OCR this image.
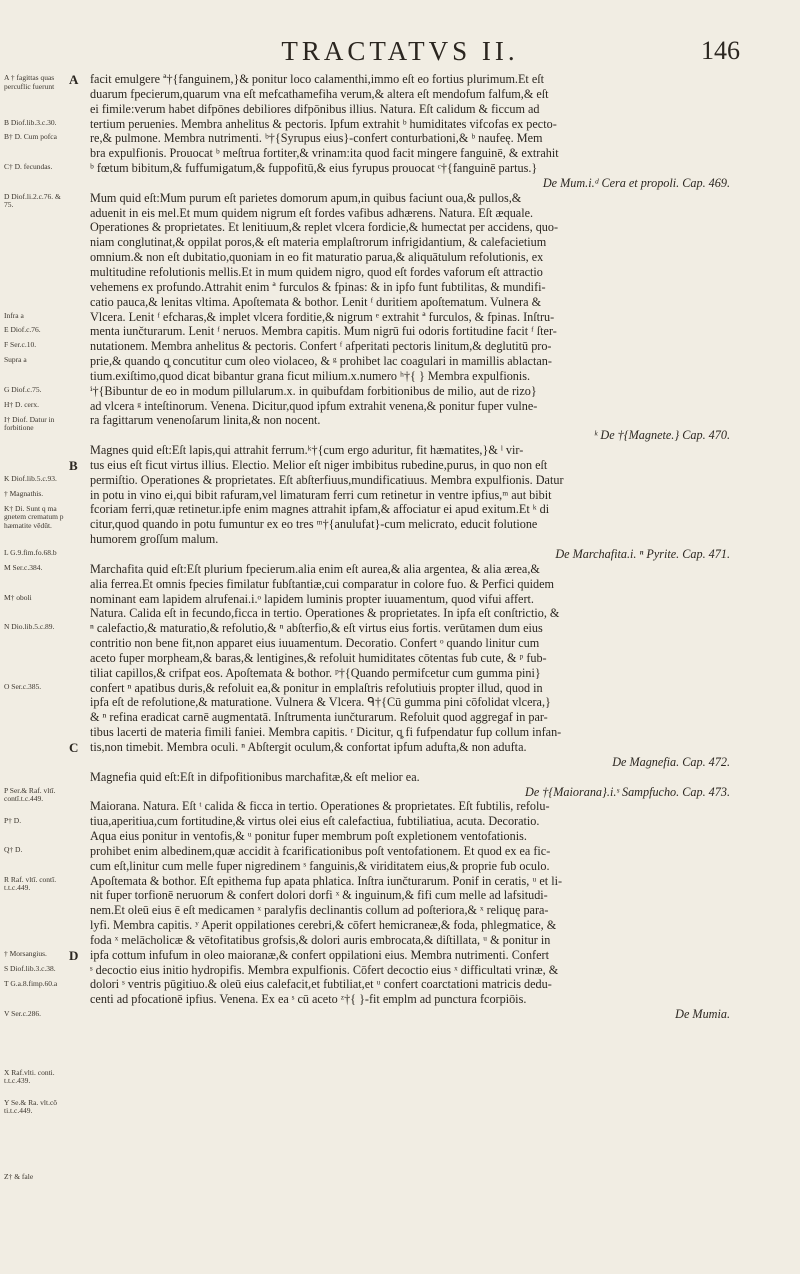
TRACTATVS II.	146
A † fagittas quas percuflic fuerunt
B Diof.lib.3.c.30.
B† D. Cum pofca
C† D. fecundas.
D Diof.li.2.c.76. & 75.
Infra a
E Diof.c.76.
F Ser.c.10.
Supra a
G Diof.c.75.
H† D. cerx.
I† Diof. Datur in forbitione
K Diof.lib.5.c.93.
† Magnathis.
K† Di. Sunt q ma gnetem crematum p hæmatite vēdūt.
L G.9.fim.fo.68.b
M Ser.c.384.
M† oboli
N Dio.lib.5.c.89.
O Ser.c.385.
P Ser.& Raf. vltī. contī.t.c.449.
P† D.
Q† D.
R Raf. vltī. contī. t.t.c.449.
† Morsangius.
S Diof.lib.3.c.38.
T G.a.8.fimp.60.a
V Ser.c.286.
X Raf.vlti. conti. t.t.c.439.
Y Se.& Ra. vlt.cō ti.t.c.449.
Z† & fale
A
B
C
D
facit emulgere ª†{fanguinem,}& ponitur loco calamenthi,immo eſt eo fortius plurimum.Et eſt
duarum fpecierum,quarum vna eſt mefcathamefiha verum,& altera eſt mendofum falfum,& eſt
ei fimile:verum habet difpōnes debiliores difpōnibus illius. Natura. Eſt calidum & ficcum ad
tertium peruenies. Membra anhelitus & pectoris. Ipfum extrahit ᵇ humiditates vifcofas ex pecto-
re,& pulmone. Membra nutrimenti. ᵇ†{Syrupus eius}-confert conturbationi,& ᵇ naufeę. Mem
bra expulfionis. Prouocat ᵇ meſtrua fortiter,& vrinam:ita quod facit mingere fanguinē, & extrahit
ᵇ fœtum bibitum,& fuffumigatum,& fuppofitū,& eius fyrupus prouocat ᶜ†{fanguinē partus.}
De Mum.i.ᵈ Cera et propoli. Cap. 469.
Mum quid eſt:Mum purum eſt parietes domorum apum,in quibus faciunt oua,& pullos,&
aduenit in eis mel.Et mum quidem nigrum eſt fordes vafibus adhærens. Natura. Eſt æquale.
Operationes & proprietates. Et lenitiuum,& replet vlcera fordicie,& humectat per accidens, quo-
niam conglutinat,& oppilat poros,& eſt materia emplaſtrorum infrigidantium, & calefacietium
omnium.& non eſt dubitatio,quoniam in eo fit maturatio parua,& aliquātulum refolutionis, ex
multitudine refolutionis mellis.Et in mum quidem nigro, quod eſt fordes vaforum eſt attractio
vehemens ex profundo.Attrahit enim ª furculos & fpinas: & in ipfo funt fubtilitas, & mundifi-
catio pauca,& lenitas vltima. Apoſtemata & bothor. Lenit ᶠ duritiem apoſtematum. Vulnera &
Vlcera. Lenit ᶠ efcharas,& implet vlcera forditie,& nigrum ᵉ extrahit ª furculos, & fpinas. Inſtru-
menta iunčturarum. Lenit ᶠ neruos. Membra capitis. Mum nigrū fui odoris fortitudine facit ᶠ ſter-
nutationem. Membra anhelitus & pectoris. Confert ᶠ afperitati pectoris linitum,& deglutitū pro-
prie,& quando q̧ concutitur cum oleo violaceo, & ᵍ prohibet lac coagulari in mamillis ablactan-
tium.exiſtimo,quod dicat bibantur grana ficut milium.x.numero ʰ†{ } Membra expulfionis.
ⁱ†{Bibuntur de eo in modum pillularum.x. in quibufdam forbitionibus de milio, aut de rizo}
ad vlcera ᵍ inteſtinorum. Venena. Dicitur,quod ipfum extrahit venena,& ponitur fuper vulne-
ra fagittarum venenoſarum linita,& non nocent.
ᵏ De †{Magnete.} Cap. 470.
Magnes quid eſt:Eſt lapis,qui attrahit ferrum.ᵏ†{cum ergo aduritur, fit hæmatites,}& ˡ vir-
tus eius eſt ficut virtus illius. Electio. Melior eſt niger imbibitus rubedine,purus, in quo non eſt
permiſtio. Operationes & proprietates. Eſt abſterfiuus,mundificatiuus. Membra expulfionis. Datur
in potu in vino ei,qui bibit rafuram,vel limaturam ferri cum retinetur in ventre ipfius,ᵐ aut bibit
fcoriam ferri,quæ retinetur.ipfe enim magnes attrahit ipfam,& affociatur ei apud exitum.Et ᵏ di
citur,quod quando in potu fumuntur ex eo tres ᵐ†{anulufat}-cum melicrato, educit folutione
humorem groſſum malum.
De Marchafita.i. ⁿ Pyrite. Cap. 471.
Marchafita quid eſt:Eſt plurium fpecierum.alia enim eſt aurea,& alia argentea, & alia ærea,&
alia ferrea.Et omnis fpecies fimilatur fubſtantiæ,cui comparatur in colore fuo. & Perfici quidem
nominant eam lapidem alrufenai.i.ᵒ lapidem luminis propter iuuamentum, quod vifui affert.
Natura. Calida eſt in fecundo,ficca in tertio. Operationes & proprietates. In ipfa eſt conſtrictio, &
ⁿ calefactio,& maturatio,& refolutio,& ⁿ abſterfio,& eſt virtus eius fortis. verūtamen dum eius
contritio non bene fit,non apparet eius iuuamentum. Decoratio. Confert ᵒ quando linitur cum
aceto fuper morpheam,& baras,& lentigines,& refoluit humiditates cōtentas fub cute, & ᵖ fub-
tiliat capillos,& crifpat eos. Apoſtemata & bothor. ᵖ†{Quando permifcetur cum gumma pini}
confert ⁿ apatibus duris,& refoluit ea,& ponitur in emplaſtris refolutiuis propter illud, quod in
ipfa eſt de refolutione,& maturatione. Vulnera & Vlcera. ᑫ†{Cū gumma pini cōfolidat vlcera,}
& ⁿ refina eradicat carnē augmentatā. Inſtrumenta iunčturarum. Refoluit quod aggregaf in par-
tibus lacerti de materia fimili faniei. Membra capitis. ʳ Dicitur, q̧ fi fufpendatur fup collum infan-
tis,non timebit. Membra oculi. ⁿ Abſtergit oculum,& confortat ipfum adufta,& non adufta.
De Magnefia. Cap. 472.
Magnefia quid eſt:Eſt in difpofitionibus marchafitæ,& eſt melior ea.
De †{Maiorana}.i.ˢ Sampfucho. Cap. 473.
Maiorana. Natura. Eſt ᵗ calida & ficca in tertio. Operationes & proprietates. Eſt fubtilis, refolu-
tiua,aperitiua,cum fortitudine,& virtus olei eius eſt calefactiua, fubtiliatiua, acuta. Decoratio.
Aqua eius ponitur in ventofis,& ᵘ ponitur fuper membrum poſt expletionem ventofationis.
prohibet enim albedinem,quæ accidit à fcarificationibus poſt ventofationem. Et quod ex ea fic-
cum eſt,linitur cum melle fuper nigredinem ˢ fanguinis,& viriditatem eius,& proprie fub oculo.
Apoſtemata & bothor. Eſt epithema fup apata phlatica. Inſtra iunčturarum. Ponif in ceratis, ᵘ et li-
nit fuper torfionē neruorum & confert dolori dorfi ˣ & inguinum,& fifi cum melle ad lafsitudi-
nem.Et oleū eius ē eſt medicamen ˣ paralyfis declinantis collum ad poſteriora,& ˣ reliquę para-
lyfi. Membra capitis. ʸ Aperit oppilationes cerebri,& cōfert hemicraneæ,& foda, phlegmatice, &
foda ˣ melācholicæ & vētofitatibus grofsis,& dolori auris embrocata,& diſtillata, ᵘ & ponitur in
ipfa cottum infufum in oleo maioranæ,& confert oppilationi eius. Membra nutrimenti. Confert
ˢ decoctio eius initio hydropifis. Membra expulfionis. Cōfert decoctio eius ˣ difficultati vrinæ, &
dolori ˢ ventris pūgitiuo.& oleū eius calefacit,et fubtiliat,et ᵘ confert coarctationi matricis dedu-
centi ad pfocationē ipfius. Venena. Ex ea ˢ cū aceto ᶻ†{ }-fit emplm ad punctura fcorpiōis.
De Mumia.
